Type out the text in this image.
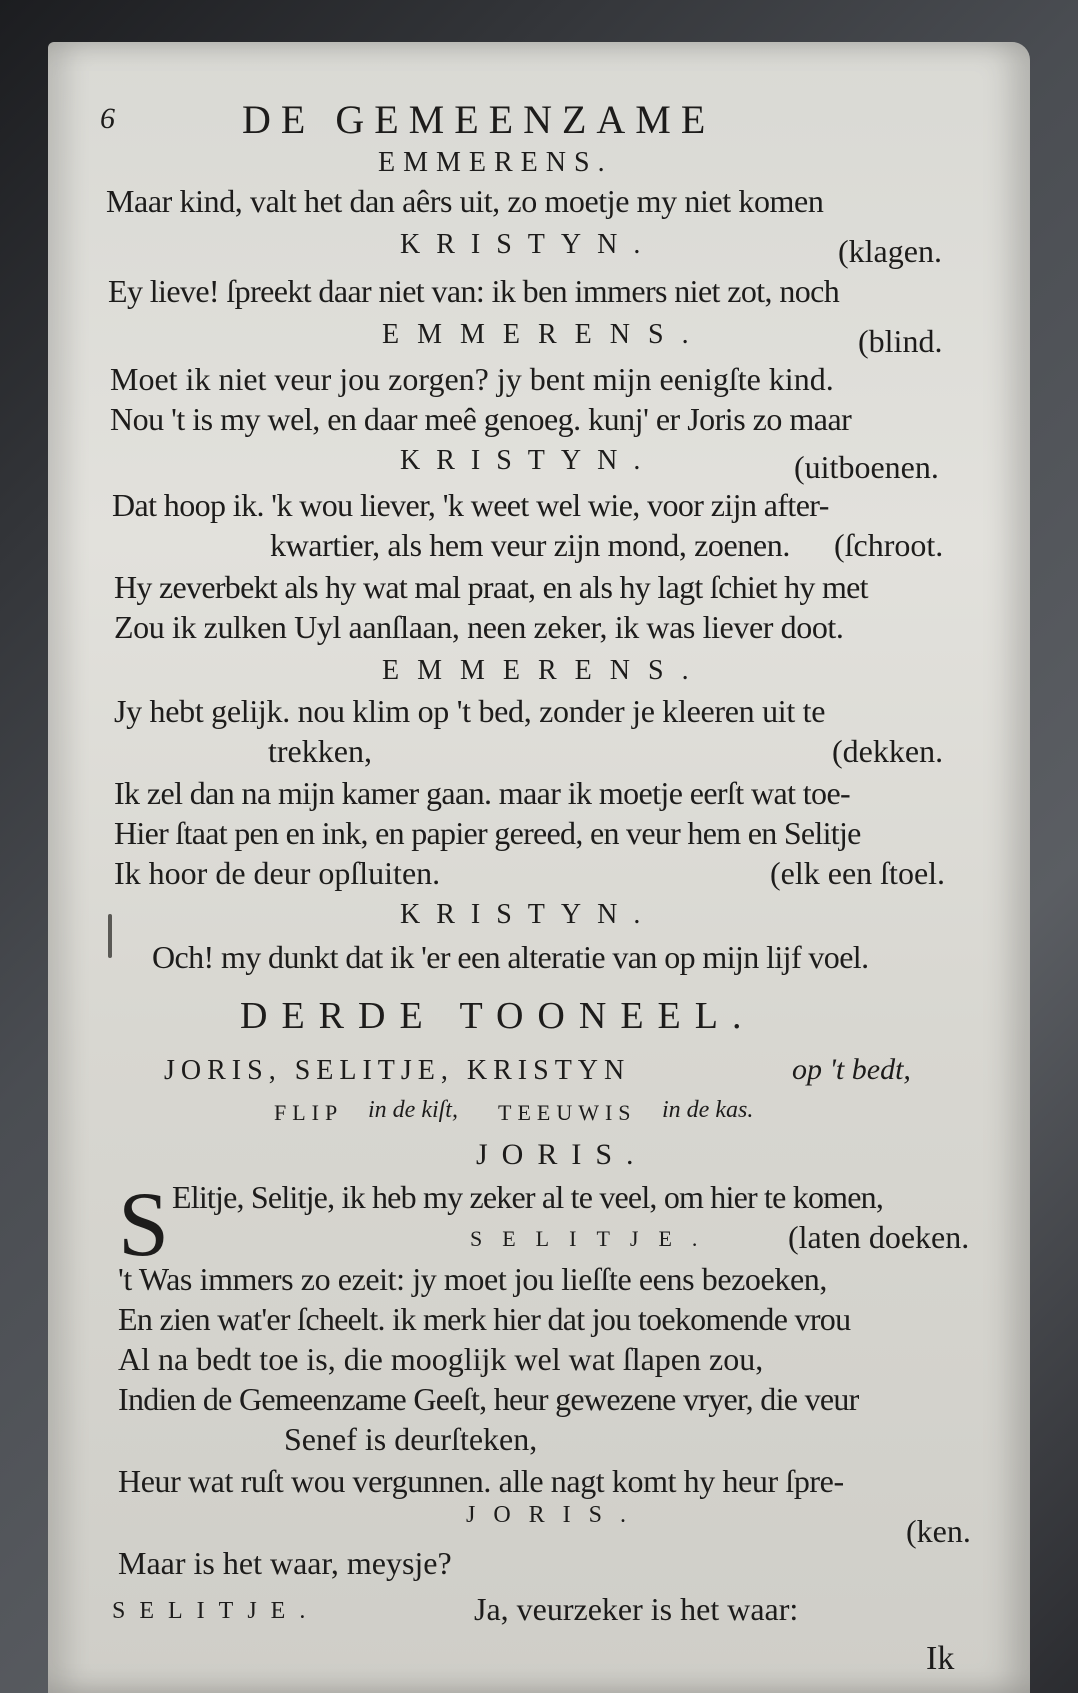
6	DE GEMEENZAME
EMMERENS.
Maar kind, valt het dan aêrs uit, zo moetje my niet komen
KRISTYN.	(klagen.
Ey lieve! ſpreekt daar niet van: ik ben immers niet zot, noch
EMMERENS.	(blind.
Moet ik niet veur jou zorgen? jy bent mijn eenigſte kind.
Nou 't is my wel, en daar meê genoeg. kunj' er Joris zo maar
KRISTYN.	(uitboenen.
Dat hoop ik. 'k wou liever, 'k weet wel wie, voor zijn after-
kwartier, als hem veur zijn mond, zoenen. (ſchroot.
Hy zeverbekt als hy wat mal praat, en als hy lagt ſchiet hy met
Zou ik zulken Uyl aanſlaan, neen zeker, ik was liever doot.
EMMERENS.
Jy hebt gelijk. nou klim op 't bed, zonder je kleeren uit te
trekken,	(dekken.
Ik zel dan na mijn kamer gaan. maar ik moetje eerſt wat toe-
Hier ſtaat pen en ink, en papier gereed, en veur hem en Selitje
Ik hoor de deur opſluiten.	(elk een ſtoel.
KRISTYN.
Och! my dunkt dat ik 'er een alteratie van op mijn lijf voel.
DERDE TOONEEL.
JORIS, SELITJE, KRISTYN	op 't bedt,
FLIP in de kiſt, TEEUWIS in de kas.
JORIS.
S Elitje, Selitje, ik heb my zeker al te veel, om hier te komen,
SELITJE. (laten doeken.
't Was immers zo ezeit: jy moet jou lieſſte eens bezoeken,
En zien wat'er ſcheelt. ik merk hier dat jou toekomende vrou
Al na bedt toe is, die mooglijk wel wat ſlapen zou,
Indien de Gemeenzame Geeſt, heur gewezene vryer, die veur
Senef is deurſteken,
Heur wat ruſt wou vergunnen. alle nagt komt hy heur ſpre-
JORIS.	(ken.
Maar is het waar, meysje?
SELITJE.	Ja, veurzeker is het waar:
Ik
